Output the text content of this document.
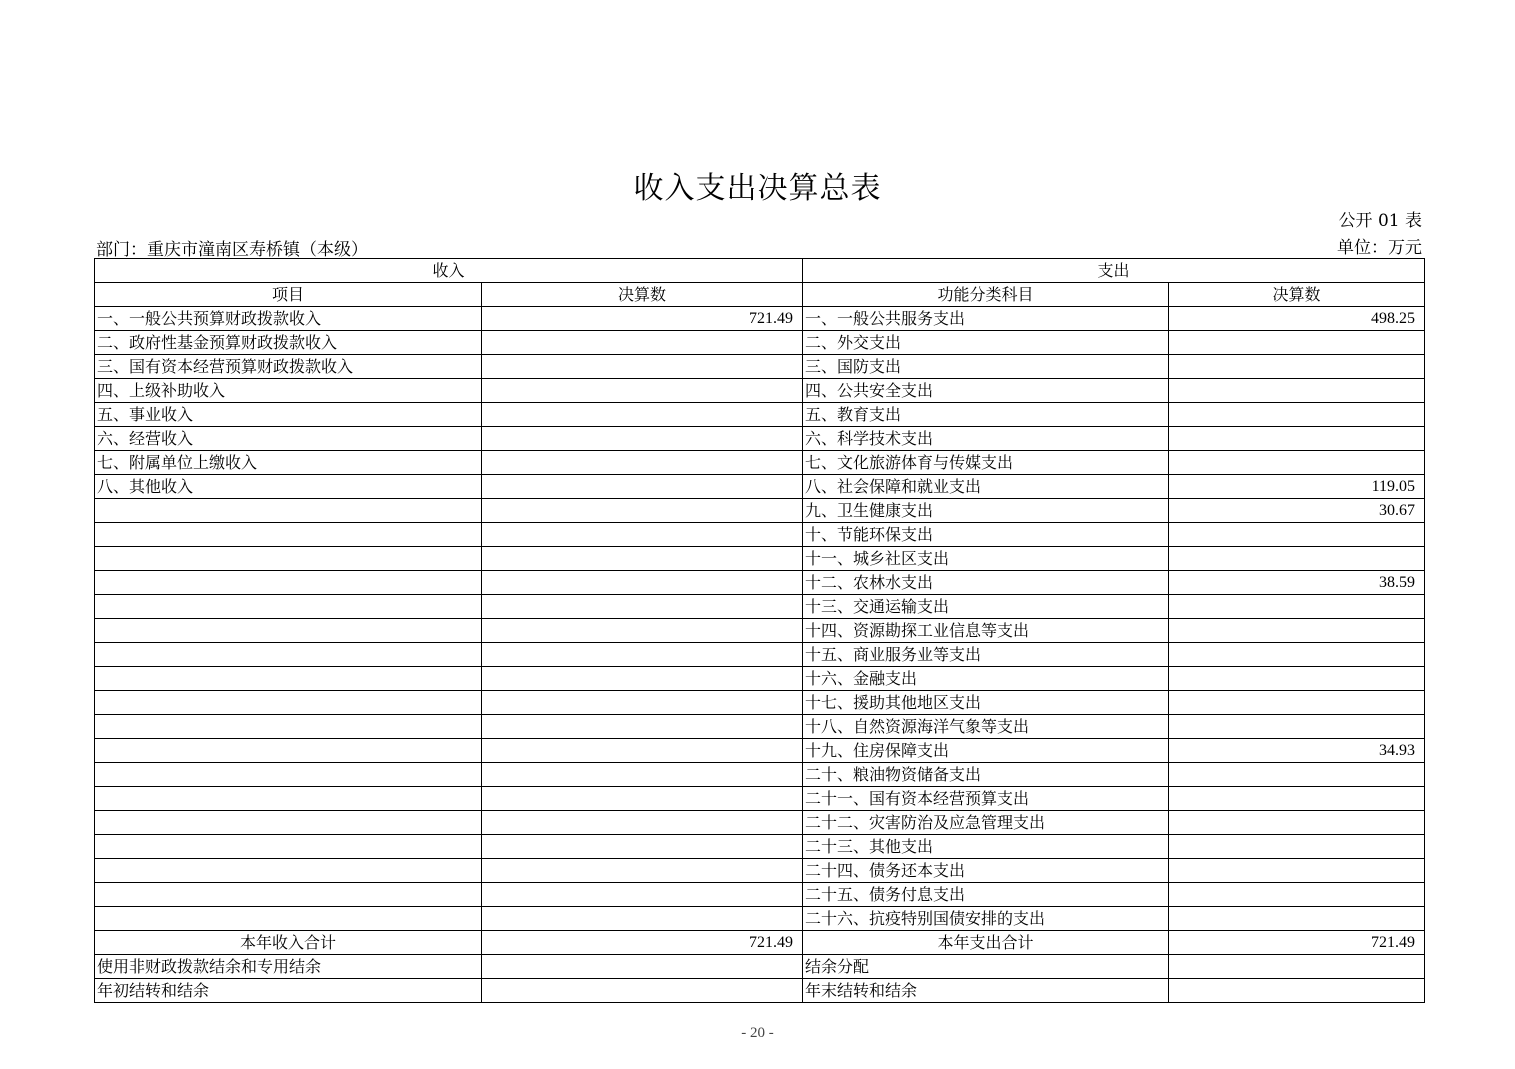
收入支出决算总表
公开 01 表
部门：重庆市潼南区寿桥镇（本级）	单位：万元
收入		支出	
项目	决算数	功能分类科目	决算数
一、一般公共预算财政拨款收入	721.49	一、一般公共服务支出	498.25
二、政府性基金预算财政拨款收入		二、外交支出	
三、国有资本经营预算财政拨款收入		三、国防支出	
四、上级补助收入		四、公共安全支出	
五、事业收入		五、教育支出	
六、经营收入		六、科学技术支出	
七、附属单位上缴收入		七、文化旅游体育与传媒支出	
八、其他收入		八、社会保障和就业支出	119.05
		九、卫生健康支出	30.67
		十、节能环保支出	
		十一、城乡社区支出	
		十二、农林水支出	38.59
		十三、交通运输支出	
		十四、资源勘探工业信息等支出	
		十五、商业服务业等支出	
		十六、金融支出	
		十七、援助其他地区支出	
		十八、自然资源海洋气象等支出	
		十九、住房保障支出	34.93
		二十、粮油物资储备支出	
		二十一、国有资本经营预算支出	
		二十二、灾害防治及应急管理支出	
		二十三、其他支出	
		二十四、债务还本支出	
		二十五、债务付息支出	
		二十六、抗疫特别国债安排的支出	
本年收入合计	721.49	本年支出合计	721.49
使用非财政拨款结余和专用结余		结余分配	
年初结转和结余		年末结转和结余	
- 20 -
